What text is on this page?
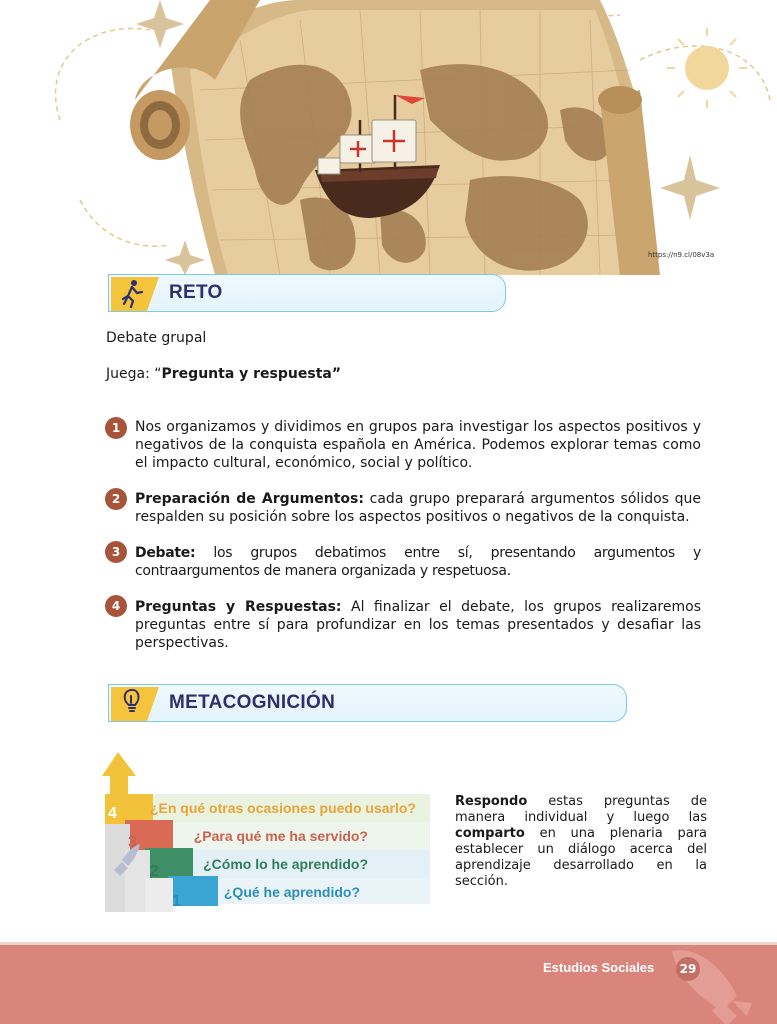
https://n9.cl/08v3a
RETO
Debate grupal
Juega: “Pregunta y respuesta”
1	Nos organizamos y dividimos en grupos para investigar los aspectos positivos y negativos de la conquista española en América. Podemos explorar temas como el impacto cultural, económico, social y político.
2	Preparación de Argumentos: cada grupo preparará argumentos sólidos que respalden su posición sobre los aspectos positivos o negativos de la conquista.
3	Debate: los grupos debatimos entre sí, presentando argumentos y contraargumentos de manera organizada y respetuosa.
4	Preguntas y Respuestas: Al finalizar el debate, los grupos realizaremos preguntas entre sí para profundizar en los temas presentados y desafiar las perspectivas.
METACOGNICIÓN
4
3
2
1
¿En qué otras ocasiones puedo usarlo?
¿Para qué me ha servido?
¿Cómo lo he aprendido?
¿Qué he aprendido?
Respondo estas preguntas de manera individual y luego las comparto en una plenaria para establecer un diálogo acerca del aprendizaje desarrollado en la sección.
Estudios Sociales	29
